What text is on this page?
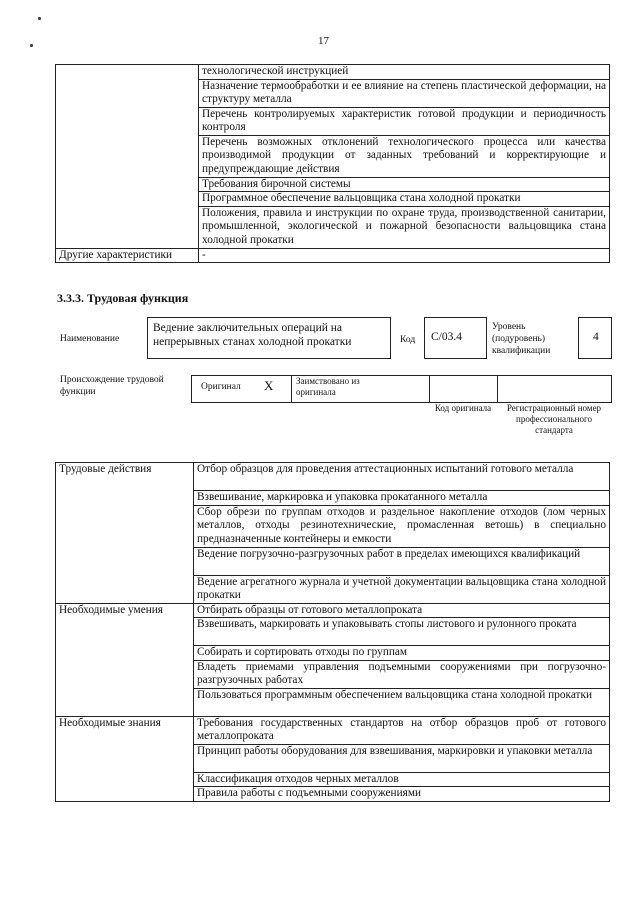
17
	технологической инструкцией
	Назначение термообработки и ее влияние на степень пластической деформации, на структуру металла
	Перечень контролируемых характеристик готовой продукции и периодичность контроля
	Перечень возможных отклонений технологического процесса или качества производимой продукции от заданных требований и корректирующие и предупреждающие действия
	Требования бирочной системы
	Программное обеспечение вальцовщика стана холодной прокатки
	Положения, правила и инструкции по охране труда, производственной санитарии, промышленной, экологической и пожарной безопасности вальцовщика стана холодной прокатки
Другие характеристики	-
3.3.3. Трудовая функция
Наименование
Ведение заключительных операций на непрерывных станах холодной прокатки	Код	C/03.4
Уровень (подуровень) квалификации
4
Происхождение трудовой функции	Оригинал X	Заимствовано из оригинала
Код оригинала Регистрационный номер профессионального стандарта
Трудовые действия	Отбор образцов для проведения аттестационных испытаний готового металла
	Взвешивание, маркировка и упаковка прокатанного металла
	Сбор обрези по группам отходов и раздельное накопление отходов (лом черных металлов, отходы резинотехнические, промасленная ветошь) в специально предназначенные контейнеры и емкости
	Ведение погрузочно-разгрузочных работ в пределах имеющихся квалификаций
	Ведение агрегатного журнала и учетной документации вальцовщика стана холодной прокатки
Необходимые умения	Отбирать образцы от готового металлопроката
	Взвешивать, маркировать и упаковывать стопы листового и рулонного проката
	Собирать и сортировать отходы по группам
	Владеть приемами управления подъемными сооружениями при погрузочно-разгрузочных работах
	Пользоваться программным обеспечением вальцовщика стана холодной прокатки
Необходимые знания	Требования государственных стандартов на отбор образцов проб от готового металлопроката
	Принцип работы оборудования для взвешивания, маркировки и упаковки металла
	Классификация отходов черных металлов
	Правила работы с подъемными сооружениями
